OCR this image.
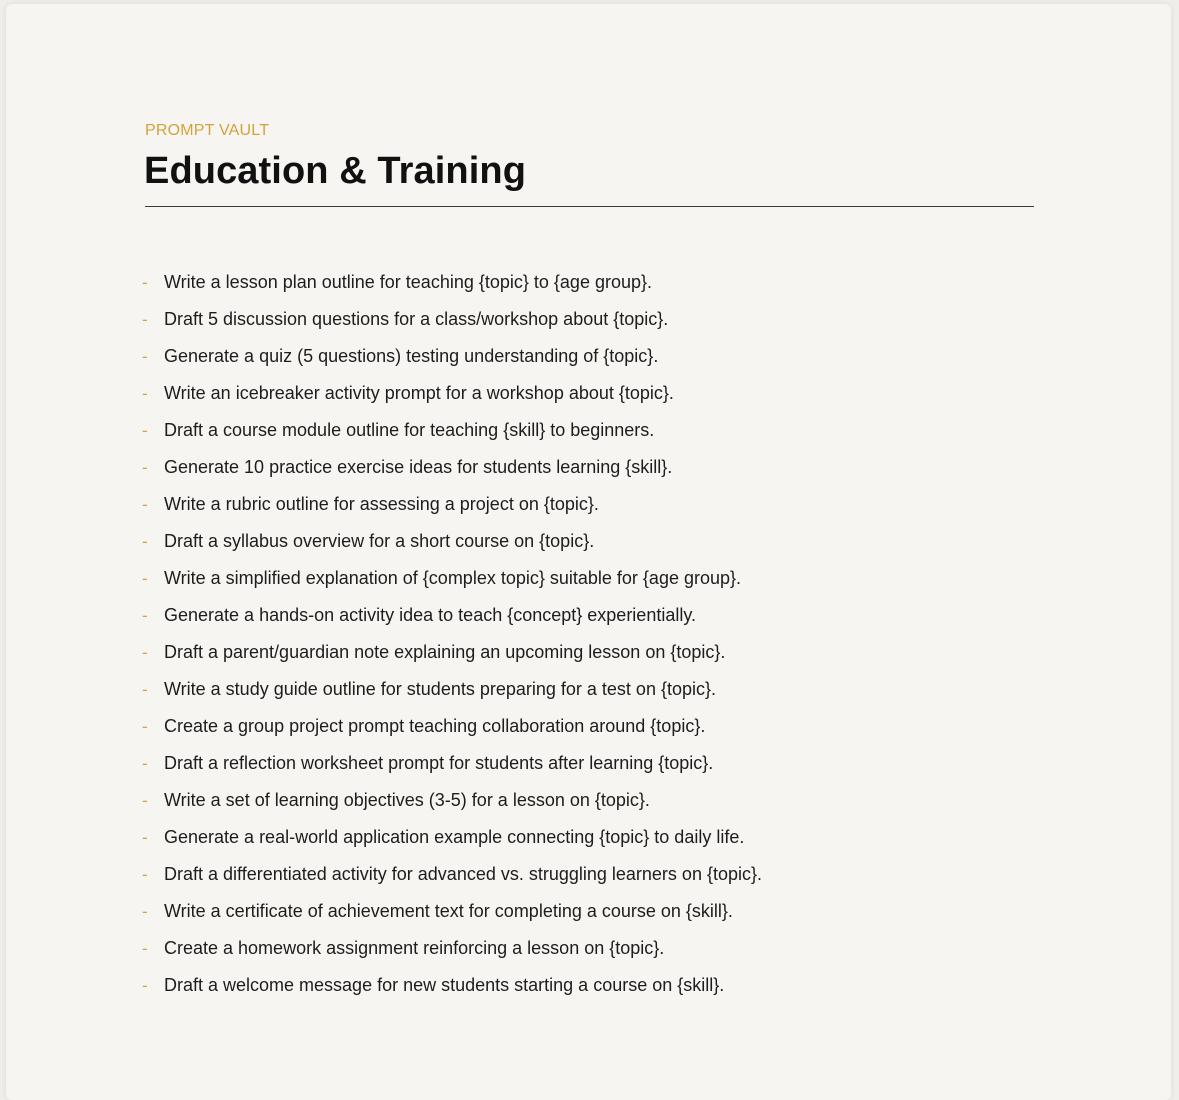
PROMPT VAULT
Education & Training
- Write a lesson plan outline for teaching {topic} to {age group}.
- Draft 5 discussion questions for a class/workshop about {topic}.
- Generate a quiz (5 questions) testing understanding of {topic}.
- Write an icebreaker activity prompt for a workshop about {topic}.
- Draft a course module outline for teaching {skill} to beginners.
- Generate 10 practice exercise ideas for students learning {skill}.
- Write a rubric outline for assessing a project on {topic}.
- Draft a syllabus overview for a short course on {topic}.
- Write a simplified explanation of {complex topic} suitable for {age group}.
- Generate a hands-on activity idea to teach {concept} experientially.
- Draft a parent/guardian note explaining an upcoming lesson on {topic}.
- Write a study guide outline for students preparing for a test on {topic}.
- Create a group project prompt teaching collaboration around {topic}.
- Draft a reflection worksheet prompt for students after learning {topic}.
- Write a set of learning objectives (3-5) for a lesson on {topic}.
- Generate a real-world application example connecting {topic} to daily life.
- Draft a differentiated activity for advanced vs. struggling learners on {topic}.
- Write a certificate of achievement text for completing a course on {skill}.
- Create a homework assignment reinforcing a lesson on {topic}.
- Draft a welcome message for new students starting a course on {skill}.
